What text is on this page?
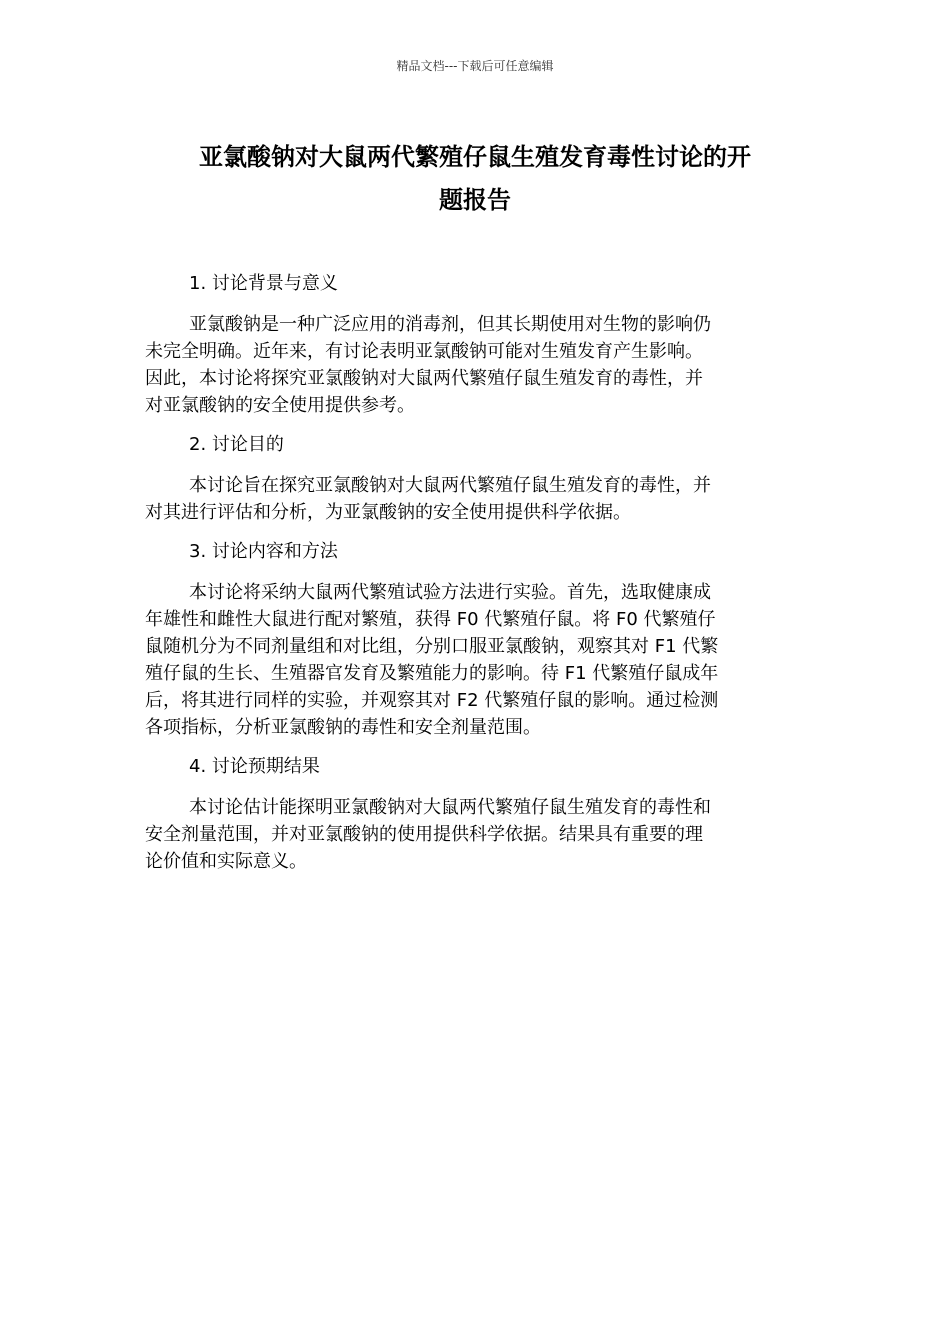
精品文档---下载后可任意编辑
亚氯酸钠对大鼠两代繁殖仔鼠生殖发育毒性讨论的开
题报告

1. 讨论背景与意义

亚氯酸钠是一种广泛应用的消毒剂，但其长期使用对生物的影响仍
未完全明确。近年来，有讨论表明亚氯酸钠可能对生殖发育产生影响。
因此，本讨论将探究亚氯酸钠对大鼠两代繁殖仔鼠生殖发育的毒性，并
对亚氯酸钠的安全使用提供参考。

2. 讨论目的

本讨论旨在探究亚氯酸钠对大鼠两代繁殖仔鼠生殖发育的毒性，并
对其进行评估和分析，为亚氯酸钠的安全使用提供科学依据。

3. 讨论内容和方法

本讨论将采纳大鼠两代繁殖试验方法进行实验。首先，选取健康成
年雄性和雌性大鼠进行配对繁殖，获得 F0 代繁殖仔鼠。将 F0 代繁殖仔
鼠随机分为不同剂量组和对比组，分别口服亚氯酸钠，观察其对 F1 代繁
殖仔鼠的生长、生殖器官发育及繁殖能力的影响。待 F1 代繁殖仔鼠成年
后，将其进行同样的实验，并观察其对 F2 代繁殖仔鼠的影响。通过检测
各项指标，分析亚氯酸钠的毒性和安全剂量范围。

4. 讨论预期结果

本讨论估计能探明亚氯酸钠对大鼠两代繁殖仔鼠生殖发育的毒性和
安全剂量范围，并对亚氯酸钠的使用提供科学依据。结果具有重要的理
论价值和实际意义。
